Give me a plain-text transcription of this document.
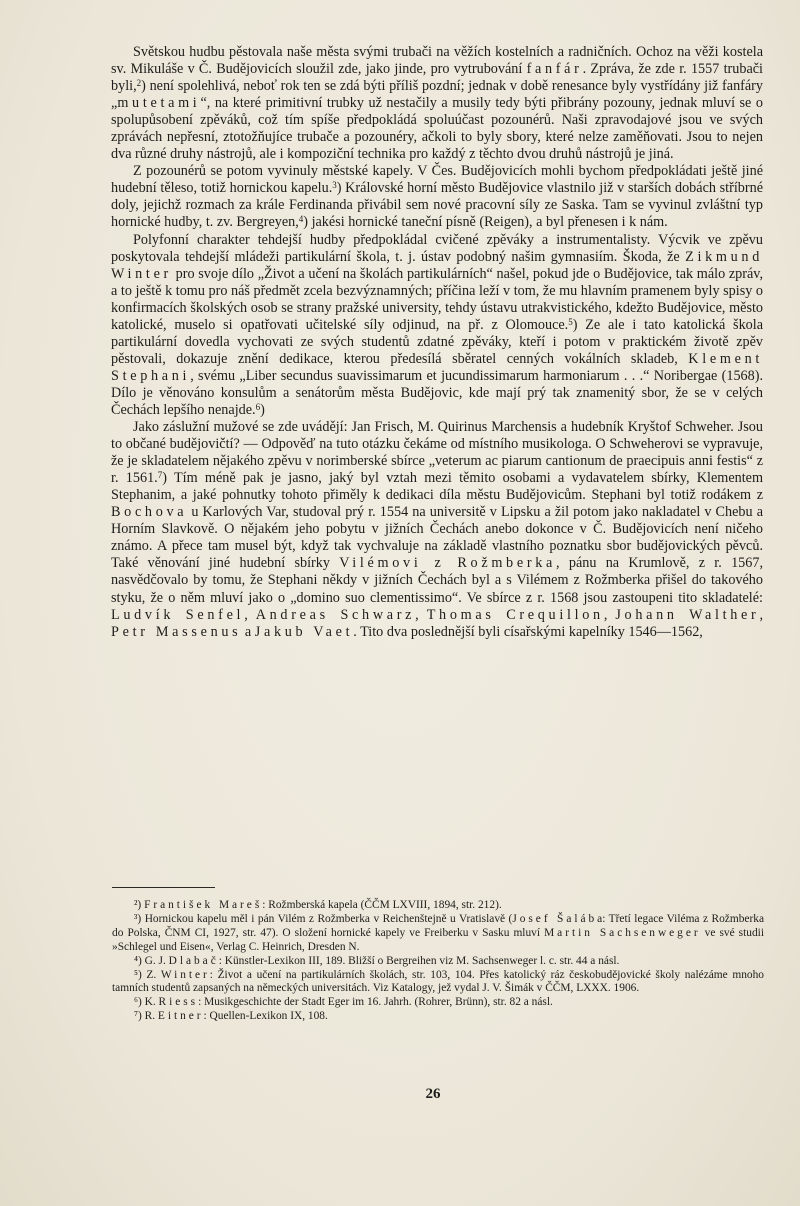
Světskou hudbu pěstovala naše města svými trubači na věžích kostelních a radničních. Ochoz na věži kostela sv. Mikuláše v Č. Budějovicích sloužil zde, jako jinde, pro vytrubování fanfár. Zpráva, že zde r. 1557 trubači byli,$^2$) není spolehlivá, neboť rok ten se zdá býti příliš pozdní; jednak v době renesance byly vystřídány již fanfáry „mutetami“, na které primitivní trubky už nestačily a musily tedy býti přibrány pozouny, jednak mluví se o spolupůsobení zpěváků, což tím spíše předpokládá spoluúčast pozounérů. Naši zpravodajové jsou ve svých zprávách nepřesní, ztotožňujíce trubače a pozounéry, ačkoli to byly sbory, které nelze zaměňovati. Jsou to nejen dva různé druhy nástrojů, ale i kompoziční technika pro každý z těchto dvou druhů nástrojů je jiná.

Z pozounérů se potom vyvinuly městské kapely. V Čes. Budějovicích mohli bychom předpokládati ještě jiné hudební těleso, totiž hornickou kapelu.$^3$) Královské horní město Budějovice vlastnilo již v starších dobách stříbrné doly, jejichž rozmach za krále Ferdinanda přivábil sem nové pracovní síly ze Saska. Tam se vyvinul zvláštní typ hornické hudby, t. zv. Bergreyen,$^4$) jakési hornické taneční písně (Reigen), a byl přenesen i k nám.

Polyfonní charakter tehdejší hudby předpokládal cvičené zpěváky a instrumentalisty. Výcvik ve zpěvu poskytovala tehdejší mládeži partikulární škola, t. j. ústav podobný našim gymnasiím. Škoda, že Zikmund Winter pro svoje dílo „Život a učení na školách partikulárních“ našel, pokud jde o Budějovice, tak málo zpráv, a to ještě k tomu pro náš předmět zcela bezvýznamných; příčina leží v tom, že mu hlavním pramenem byly spisy o konfirmacích školských osob se strany pražské university, tehdy ústavu utrakvistického, kdežto Budějovice, město katolické, muselo si opatřovati učitelské síly odjinud, na př. z Olomouce.$^5$) Ze ale i tato katolická škola partikulární dovedla vychovati ze svých studentů zdatné zpěváky, kteří i potom v praktickém životě zpěv pěstovali, dokazuje znění dedikace, kterou předesílá sběratel cenných vokálních skladeb, Klement Stephani, svému „Liber secundus suavissimarum et jucundissimarum harmoniarum . . .“ Noribergae (1568). Dílo je věnováno konsulům a senátorům města Budějovic, kde mají prý tak znamenitý sbor, že se v celých Čechách lepšího nenajde.$^6$)

Jako záslužní mužové se zde uvádějí: Jan Frisch, M. Quirinus Marchensis a hudebník Kryštof Schweher. Jsou to občané budějovičtí? — Odpověď na tuto otázku čekáme od místního musikologa. O Schweherovi se vypravuje, že je skladatelem nějakého zpěvu v norimberské sbírce „veterum ac piarum cantionum de praecipuis anni festis“ z r. 1561.$^7$) Tím méně pak je jasno, jaký byl vztah mezi těmito osobami a vydavatelem sbírky, Klementem Stephanim, a jaké pohnutky tohoto přiměly k dedikaci díla městu Budějovicům. Stephani byl totiž rodákem z Bochova u Karlových Var, studoval prý r. 1554 na universitě v Lipsku a žil potom jako nakladatel v Chebu a Horním Slavkově. O nějakém jeho pobytu v jižních Čechách anebo dokonce v Č. Budějovicích není ničeho známo. A přece tam musel být, když tak vychvaluje na základě vlastního poznatku sbor budějovických pěvců. Také věnování jiné hudební sbírky Vilémovi z Rožmberka, pánu na Krumlově, z r. 1567, nasvědčovalo by tomu, že Stephani někdy v jižních Čechách byl a s Vilémem z Rožmberka přišel do takového styku, že o něm mluví jako o „domino suo clementissimo“. Ve sbírce z r. 1568 jsou zastoupeni tito skladatelé: Ludvík Senfel, Andreas Schwarz, Thomas Crequillon, Johann Walther, Petr Massenus a Jakub Vaet. Tito dva poslednější byli císařskými kapelníky 1546—1562,

²) František Mareš: Rožmberská kapela (ČČM LXVIII, 1894, str. 212).

³) Hornickou kapelu měl i pán Vilém z Rožmberka v Reichenštejně u Vratislavě (Josef Šalába: Třetí legace Viléma z Rožmberka do Polska, ČNM CI, 1927, str. 47). O složení hornické kapely ve Freiberku v Sasku mluví Martin Sachsenweger ve své studii »Schlegel und Eisen«, Verlag C. Heinrich, Dresden N.

⁴) G. J. Dlabač: Künstler-Lexikon III, 189. Bližší o Bergreihen viz M. Sachsenweger l. c. str. 44 a násl.

⁵) Z. Winter: Život a učení na partikulárních školách, str. 103, 104. Přes katolický ráz českobudějovické školy nalézáme mnoho tamních studentů zapsaných na německých universitách. Viz Katalogy, jež vydal J. V. Šimák v ČČM, LXXX. 1906.

⁶) K. Riess: Musikgeschichte der Stadt Eger im 16. Jahrh. (Rohrer, Brünn), str. 82 a násl.

⁷) R. Eitner: Quellen-Lexikon IX, 108.

26
